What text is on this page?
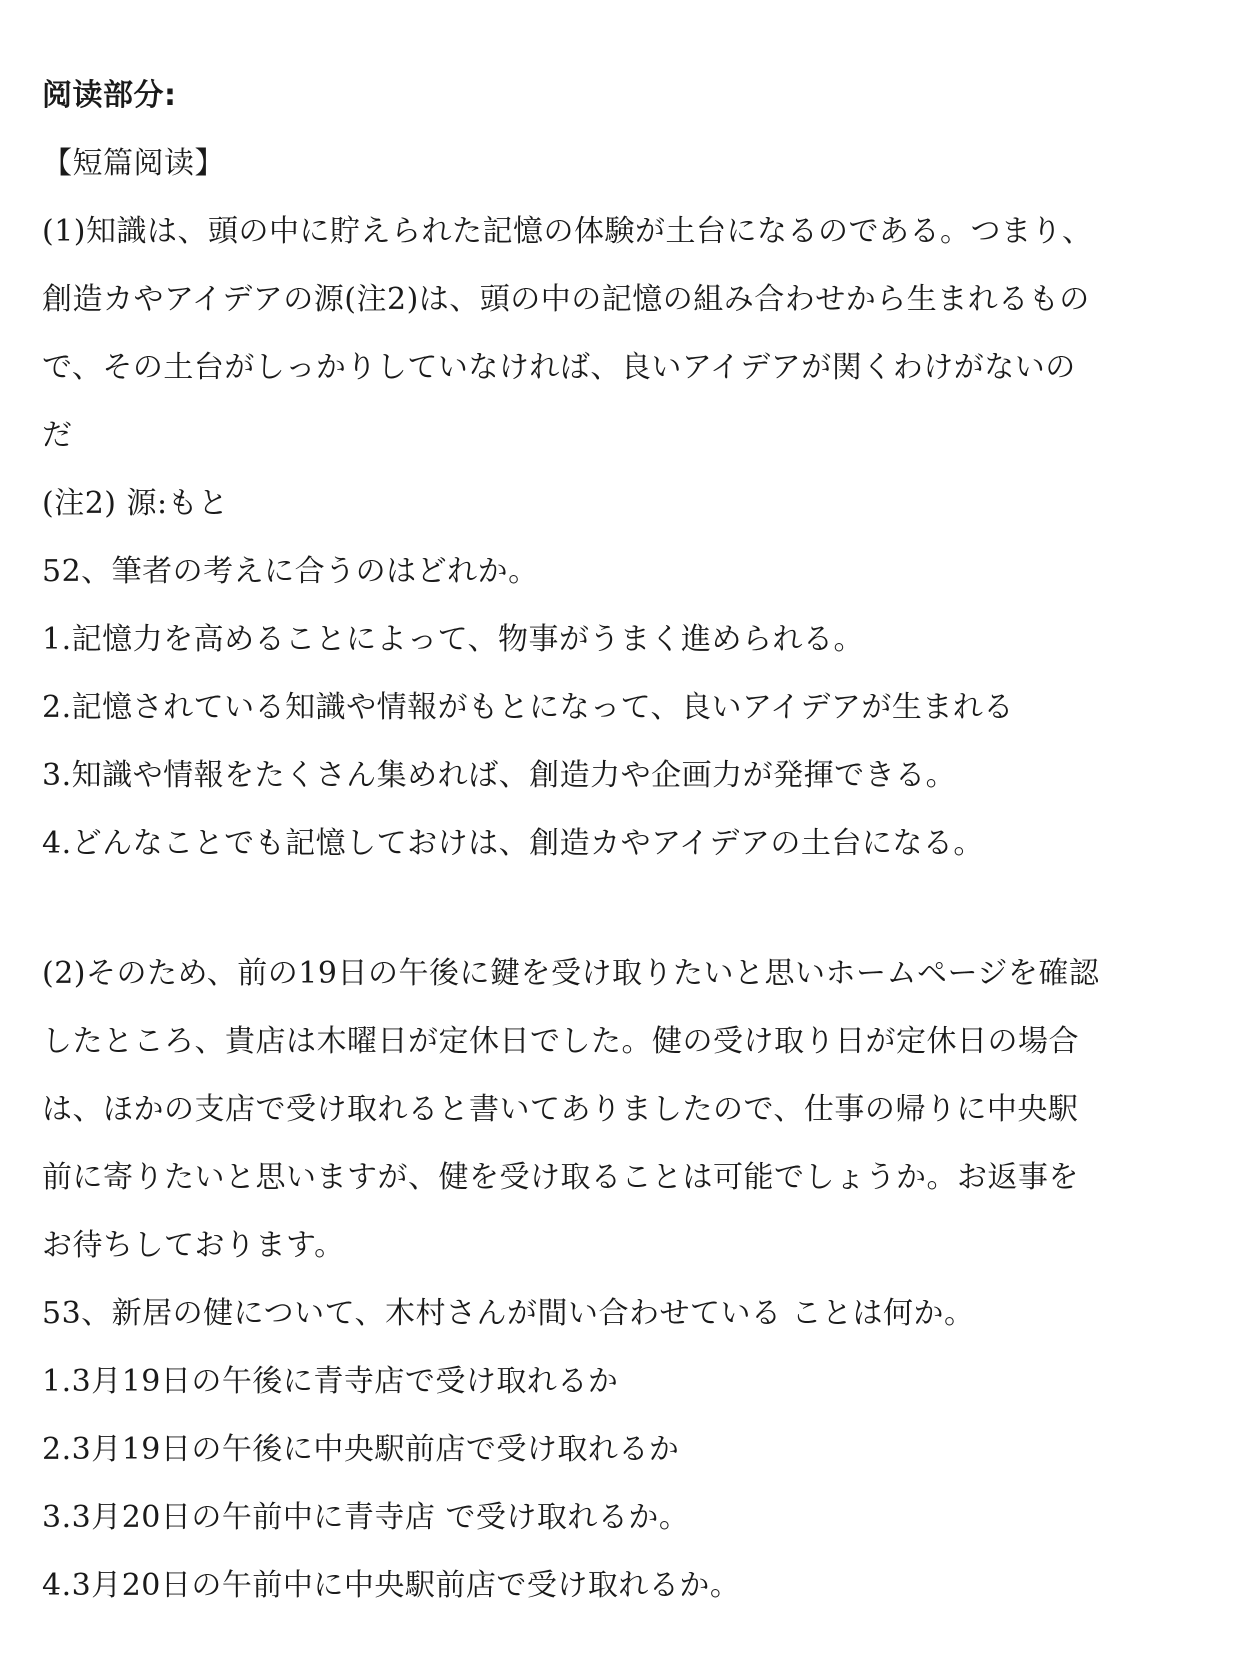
阅读部分:
【短篇阅读】
(1)知識は、頭の中に貯えられた記憶の体験が土台になるのである。つまり、
創造カやアイデアの源(注2)は、頭の中の記憶の組み合わせから生まれるもの
で、その土台がしっかりしていなければ、良いアイデアが関くわけがないの
だ
(注2) 源:もと
52、筆者の考えに合うのはどれか。
1.記憶力を高めることによって、物事がうまく進められる。
2.記憶されている知識や情報がもとになって、良いアイデアが生まれる
3.知識や情報をたくさん集めれば、創造力や企画力が発揮できる。
4.どんなことでも記憶しておけは、創造カやアイデアの土台になる。
(2)そのため、前の19日の午後に鍵を受け取りたいと思いホームページを確認
したところ、貴店は木曜日が定休日でした。健の受け取り日が定休日の場合
は、ほかの支店で受け取れると書いてありましたので、仕事の帰りに中央駅
前に寄りたいと思いますが、健を受け取ることは可能でしょうか。お返事を
お待ちしております。
53、新居の健について、木村さんが間い合わせている ことは何か。
1.3月19日の午後に青寺店で受け取れるか
2.3月19日の午後に中央駅前店で受け取れるか
3.3月20日の午前中に青寺店 で受け取れるか。
4.3月20日の午前中に中央駅前店で受け取れるか。
